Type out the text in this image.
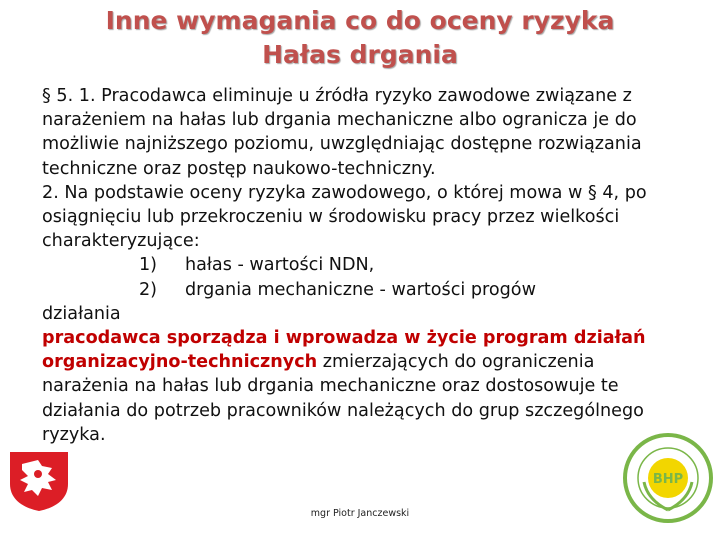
Inne wymagania co do oceny ryzyka
Hałas drgania

§ 5. 1. Pracodawca eliminuje u źródła ryzyko zawodowe związane z narażeniem na hałas lub drgania mechaniczne albo ogranicza je do możliwie najniższego poziomu, uwzględniając dostępne rozwiązania techniczne oraz postęp naukowo-techniczny.

2. Na podstawie oceny ryzyka zawodowego, o której mowa w § 4, po osiągnięciu lub przekroczeniu w środowisku pracy przez wielkości charakteryzujące:

1)	hałas - wartości NDN,
2)	drgania mechaniczne - wartości progów

działania

pracodawca sporządza i wprowadza w życie program działań organizacyjno-technicznych zmierzających do ograniczenia narażenia na hałas lub drgania mechaniczne oraz dostosowuje te działania do potrzeb pracowników należących do grup szczególnego ryzyka.

BHP
mgr Piotr Janczewski
